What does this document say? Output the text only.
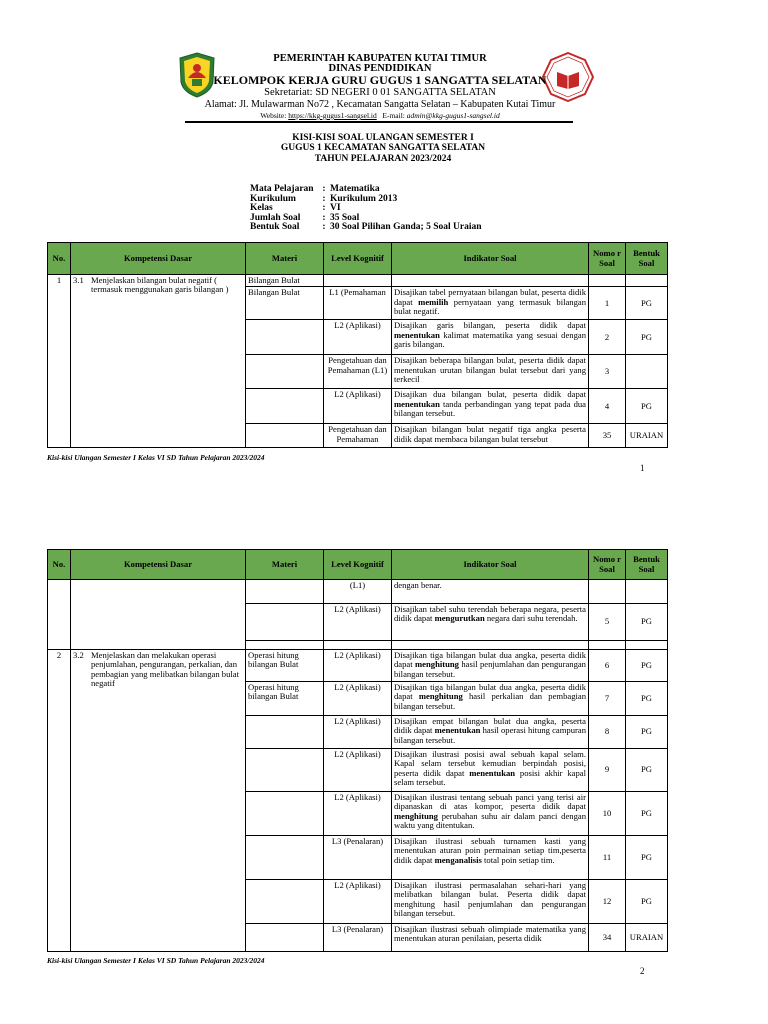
PEMERINTAH KABUPATEN KUTAI TIMUR
DINAS PENDIDIKAN
KELOMPOK KERJA GURU GUGUS 1 SANGATTA SELATAN
Sekretariat: SD NEGERI 0 01 SANGATTA SELATAN
Alamat: Jl. Mulawarman No72 , Kecamatan Sangatta Selatan – Kabupaten Kutai Timur
Website: https://kkg-gugus1-sangsel.id E-mail: admin@kkg-gugus1-sangsel.id
KISI-KISI SOAL ULANGAN SEMESTER I
GUGUS 1 KECAMATAN SANGATTA SELATAN
TAHUN PELAJARAN 2023/2024
Mata Pelajaran : Matematika
Kurikulum	: Kurikulum 2013
Kelas	: VI
Jumlah Soal	: 35 Soal
Bentuk Soal	: 30 Soal Pilihan Ganda; 5 Soal Uraian
No.	Kompetensi Dasar	Materi	Level Kognitif	Indikator Soal	Nomo r Soal	Bentuk Soal
1	3.1 Menjelaskan bilangan bulat negatif ( termasuk menggunakan garis bilangan )	Bilangan Bulat				
		Bilangan Bulat	L1 (Pemahaman	Disajikan tabel pernyataan bilangan bulat, peserta didik dapat memilih pernyataan yang termasuk bilangan bulat negatif.	1	PG
			L2 (Aplikasi)	Disajikan garis bilangan, peserta didik dapat menentukan kalimat matematika yang sesuai dengan garis bilangan.	2	PG
			Pengetahuan dan Pemahaman (L1)	Disajikan beberapa bilangan bulat, peserta didik dapat menentukan urutan bilangan bulat tersebut dari yang terkecil	3	
			L2 (Aplikasi)	Disajikan dua bilangan bulat, peserta didik dapat menentukan tanda perbandingan yang tepat pada dua bilangan tersebut.	4	PG
			Pengetahuan dan Pemahaman	Disajikan bilangan bulat negatif tiga angka peserta didik dapat membaca bilangan bulat tersebut	35	URAIAN
Kisi-kisi Ulangan Semester I Kelas VI SD Tahun Pelajaran 2023/2024
1
No.	Kompetensi Dasar	Materi	Level Kognitif	Indikator Soal	Nomo r Soal	Bentuk Soal
			(L1)	dengan benar.		
			L2 (Aplikasi)	Disajikan tabel suhu terendah beberapa negara, peserta didik dapat mengurutkan negara dari suhu terendah.	5	PG

2	3.2 Menjelaskan dan melakukan operasi penjumlahan, pengurangan, perkalian, dan pembagian yang melibatkan bilangan bulat negatif	Operasi hitung bilangan Bulat	L2 (Aplikasi)	Disajikan tiga bilangan bulat dua angka, peserta didik dapat menghitung hasil penjumlahan dan pengurangan bilangan tersebut.	6	PG
		Operasi hitung bilangan Bulat	L2 (Aplikasi)	Disajikan tiga bilangan bulat dua angka, peserta didik dapat menghitung hasil perkalian dan pembagian bilangan tersebut.	7	PG
			L2 (Aplikasi)	Disajikan empat bilangan bulat dua angka, peserta didik dapat menentukan hasil operasi hitung campuran bilangan tersebut.	8	PG
			L2 (Aplikasi)	Disajikan ilustrasi posisi awal sebuah kapal selam. Kapal selam tersebut kemudian berpindah posisi, peserta didik dapat menentukan posisi akhir kapal selam tersebut.	9	PG
			L2 (Aplikasi)	Disajikan ilustrasi tentang sebuah panci yang terisi air dipanaskan di atas kompor, peserta didik dapat menghitung perubahan suhu air dalam panci dengan waktu yang ditentukan.	10	PG
			L3 (Penalaran)	Disajikan ilustrasi sebuah turnamen kasti yang menentukan aturan poin permainan setiap tim,peserta didik dapat menganalisis total poin setiap tim.	11	PG
			L2 (Aplikasi)	Disajikan ilustrasi permasalahan sehari-hari yang melibatkan bilangan bulat. Peserta didik dapat menghitung hasil penjumlahan dan pengurangan bilangan tersebut.	12	PG
			L3 (Penalaran)	Disajikan ilustrasi sebuah olimpiade matematika yang menentukan aturan penilaian, peserta didik	34	URAIAN
Kisi-kisi Ulangan Semester I Kelas VI SD Tahun Pelajaran 2023/2024
2
